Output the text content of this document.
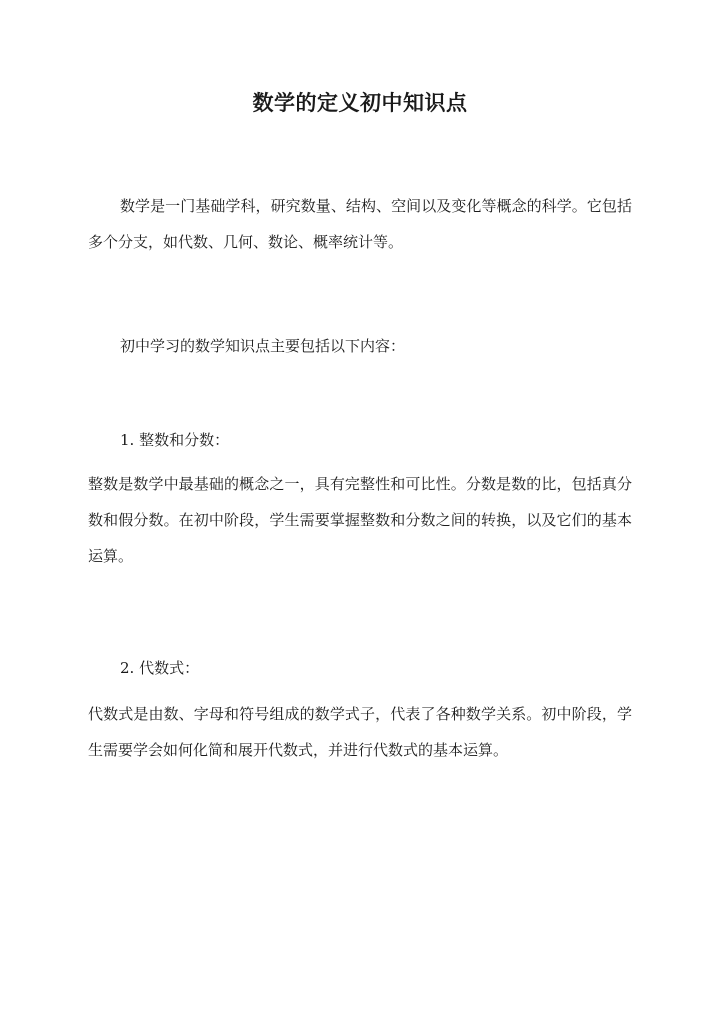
数学的定义初中知识点

数学是一门基础学科，研究数量、结构、空间以及变化等概念的科学。它包括多个分支，如代数、几何、数论、概率统计等。

初中学习的数学知识点主要包括以下内容：

1. 整数和分数：

整数是数学中最基础的概念之一，具有完整性和可比性。分数是数的比，包括真分数和假分数。在初中阶段，学生需要掌握整数和分数之间的转换，以及它们的基本运算。

2. 代数式：

代数式是由数、字母和符号组成的数学式子，代表了各种数学关系。初中阶段，学生需要学会如何化简和展开代数式，并进行代数式的基本运算。
